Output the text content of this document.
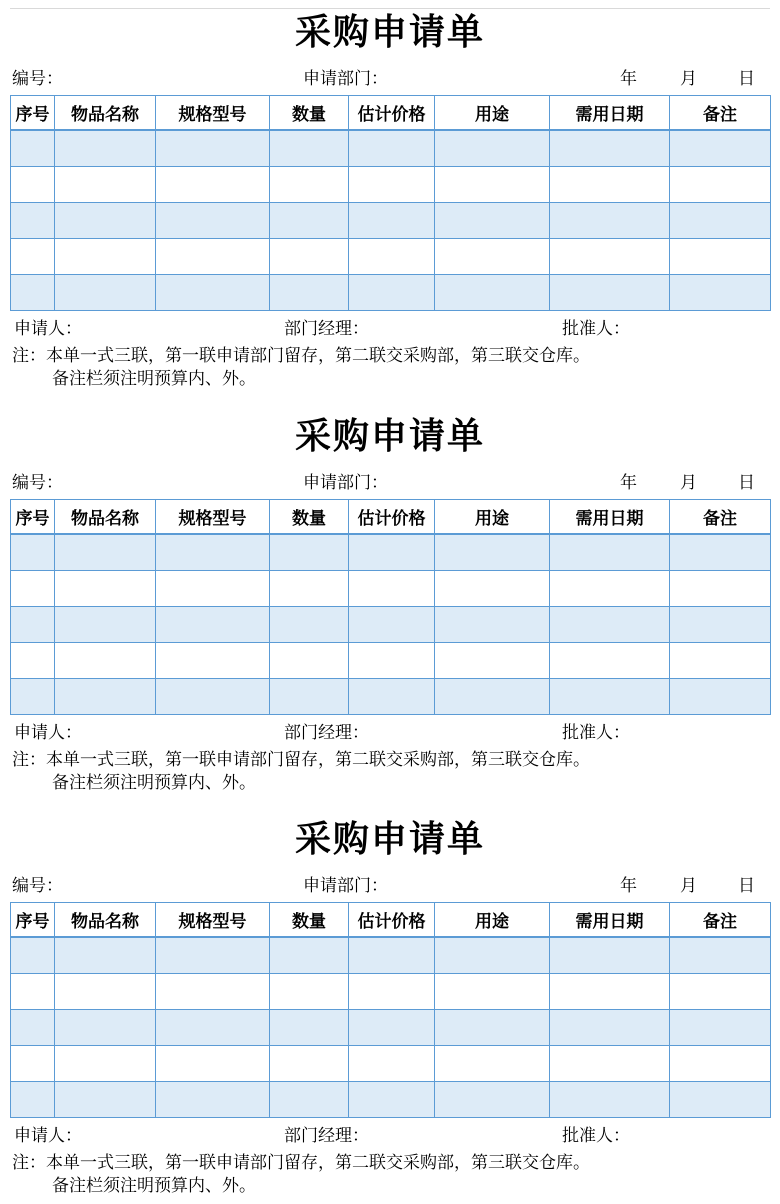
采购申请单
编号：	申请部门：	年	月 日
序号	物品名称	规格型号	数量	估计价格	用途	需用日期	备注

申请人：	部门经理：	批准人：
注：本单一式三联，第一联申请部门留存，第二联交采购部，第三联交仓库。
备注栏须注明预算内、外。
采购申请单
编号：	申请部门：	年	月 日
序号	物品名称	规格型号	数量	估计价格	用途	需用日期	备注

申请人：	部门经理：	批准人：
注：本单一式三联，第一联申请部门留存，第二联交采购部，第三联交仓库。
备注栏须注明预算内、外。
采购申请单
编号：	申请部门：	年	月 日
序号	物品名称	规格型号	数量	估计价格	用途	需用日期	备注

申请人：	部门经理：	批准人：
注：本单一式三联，第一联申请部门留存，第二联交采购部，第三联交仓库。
备注栏须注明预算内、外。
